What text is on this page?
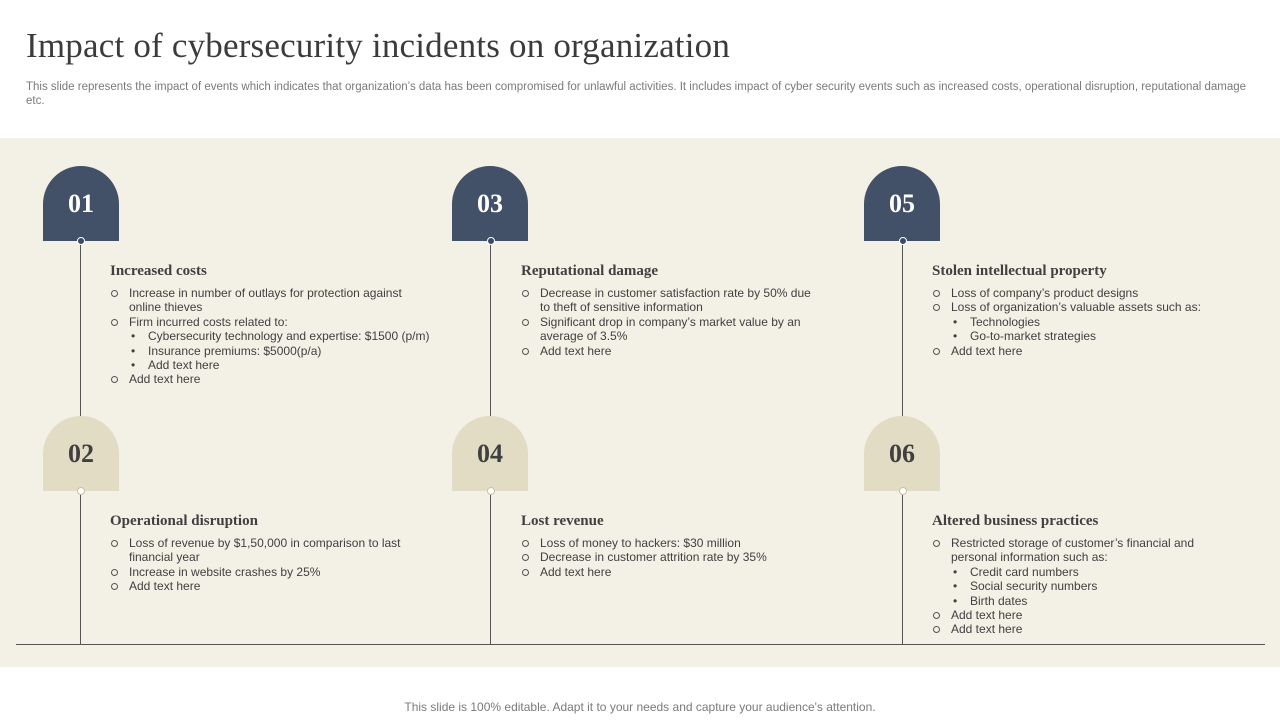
Impact of cybersecurity incidents on organization

This slide represents the impact of events which indicates that organization’s data has been compromised for unlawful activities. It includes impact of cyber security events such as increased costs, operational disruption, reputational damage etc.

01
Increased costs
Increase in number of outlays for protection against online thieves
Firm incurred costs related to:
• Cybersecurity technology and expertise: $1500 (p/m)
• Insurance premiums: $5000(p/a)
• Add text here
Add text here
02
Operational disruption
Loss of revenue by $1,50,000 in comparison to last financial year
Increase in website crashes by 25%
Add text here
03
Reputational damage
Decrease in customer satisfaction rate by 50% due to theft of sensitive information
Significant drop in company’s market value by an average of 3.5%
Add text here
04
Lost revenue
Loss of money to hackers: $30 million
Decrease in customer attrition rate by 35%
Add text here
05
Stolen intellectual property
Loss of company’s product designs
Loss of organization’s valuable assets such as:
• Technologies
• Go-to-market strategies
Add text here
06
Altered business practices
Restricted storage of customer’s financial and personal information such as:
• Credit card numbers
• Social security numbers
• Birth dates
Add text here
Add text here

This slide is 100% editable. Adapt it to your needs and capture your audience's attention.
